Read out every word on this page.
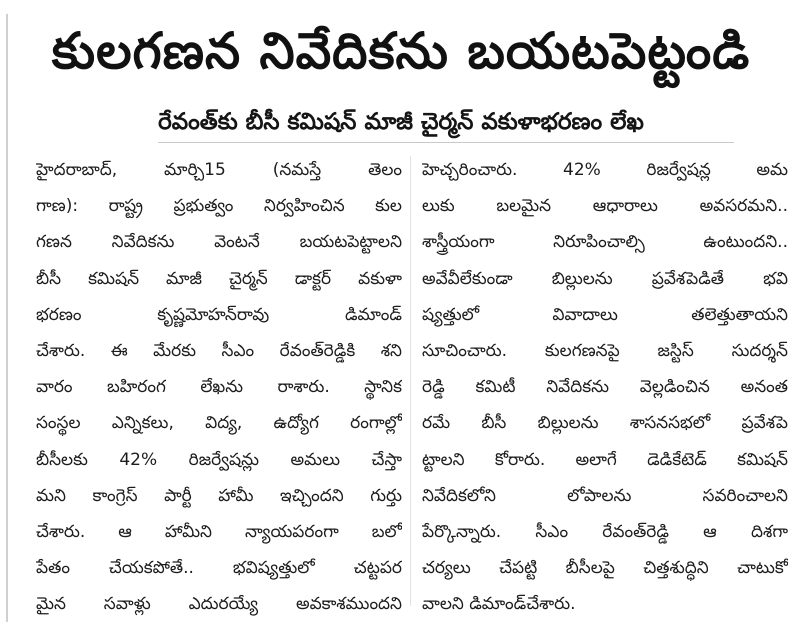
కులగణన నివేదికను బయటపెట్టండి
రేవంత్‌కు బీసీ కమిషన్ మాజీ చైర్మన్ వకుళాభరణం లేఖ
హైదరాబాద్, మార్చి15 (నమస్తే తెలం
గాణ): రాష్ట్ర ప్రభుత్వం నిర్వహించిన కుల
గణన నివేదికను వెంటనే బయటపెట్టాలని
బీసీ కమిషన్ మాజీ చైర్మన్ డాక్టర్ వకుళా
భరణం కృష్ణమోహన్‌రావు డిమాండ్
చేశారు. ఈ మేరకు సీఎం రేవంత్‌రెడ్డికి శని
వారం బహిరంగ లేఖను రాశారు. స్థానిక
సంస్థల ఎన్నికలు, విద్య, ఉద్యోగ రంగాల్లో
బీసీలకు 42% రిజర్వేషన్లు అమలు చేస్తా
మని కాంగ్రెస్ పార్టీ హామీ ఇచ్చిందని గుర్తు
చేశారు. ఆ హామీని న్యాయపరంగా బలో
పేతం చేయకపోతే.. భవిష్యత్తులో చట్టపర
మైన సవాళ్లు ఎదురయ్యే అవకాశముందని
హెచ్చరించారు. 42% రిజర్వేషన్ల అమ
లుకు బలమైన ఆధారాలు అవసరమని..
శాస్త్రీయంగా నిరూపించాల్సి ఉంటుందని..
అవేవీలేకుండా బిల్లులను ప్రవేశపెడితే భవి
ష్యత్తులో వివాదాలు తలెత్తుతాయని
సూచించారు. కులగణనపై జస్టిస్ సుదర్శన్
రెడ్డి కమిటీ నివేదికను వెల్లడించిన అనంత
రమే బీసీ బిల్లులను శాసనసభలో ప్రవేశపె
ట్టాలని కోరారు. అలాగే డెడికేటెడ్ కమిషన్
నివేదికలోని లోపాలను సవరించాలని
పేర్కొన్నారు. సీఎం రేవంత్‌రెడ్డి ఆ దిశగా
చర్యలు చేపట్టి బీసీలపై చిత్తశుద్ధిని చాటుకో
వాలని డిమాండ్‌చేశారు.
